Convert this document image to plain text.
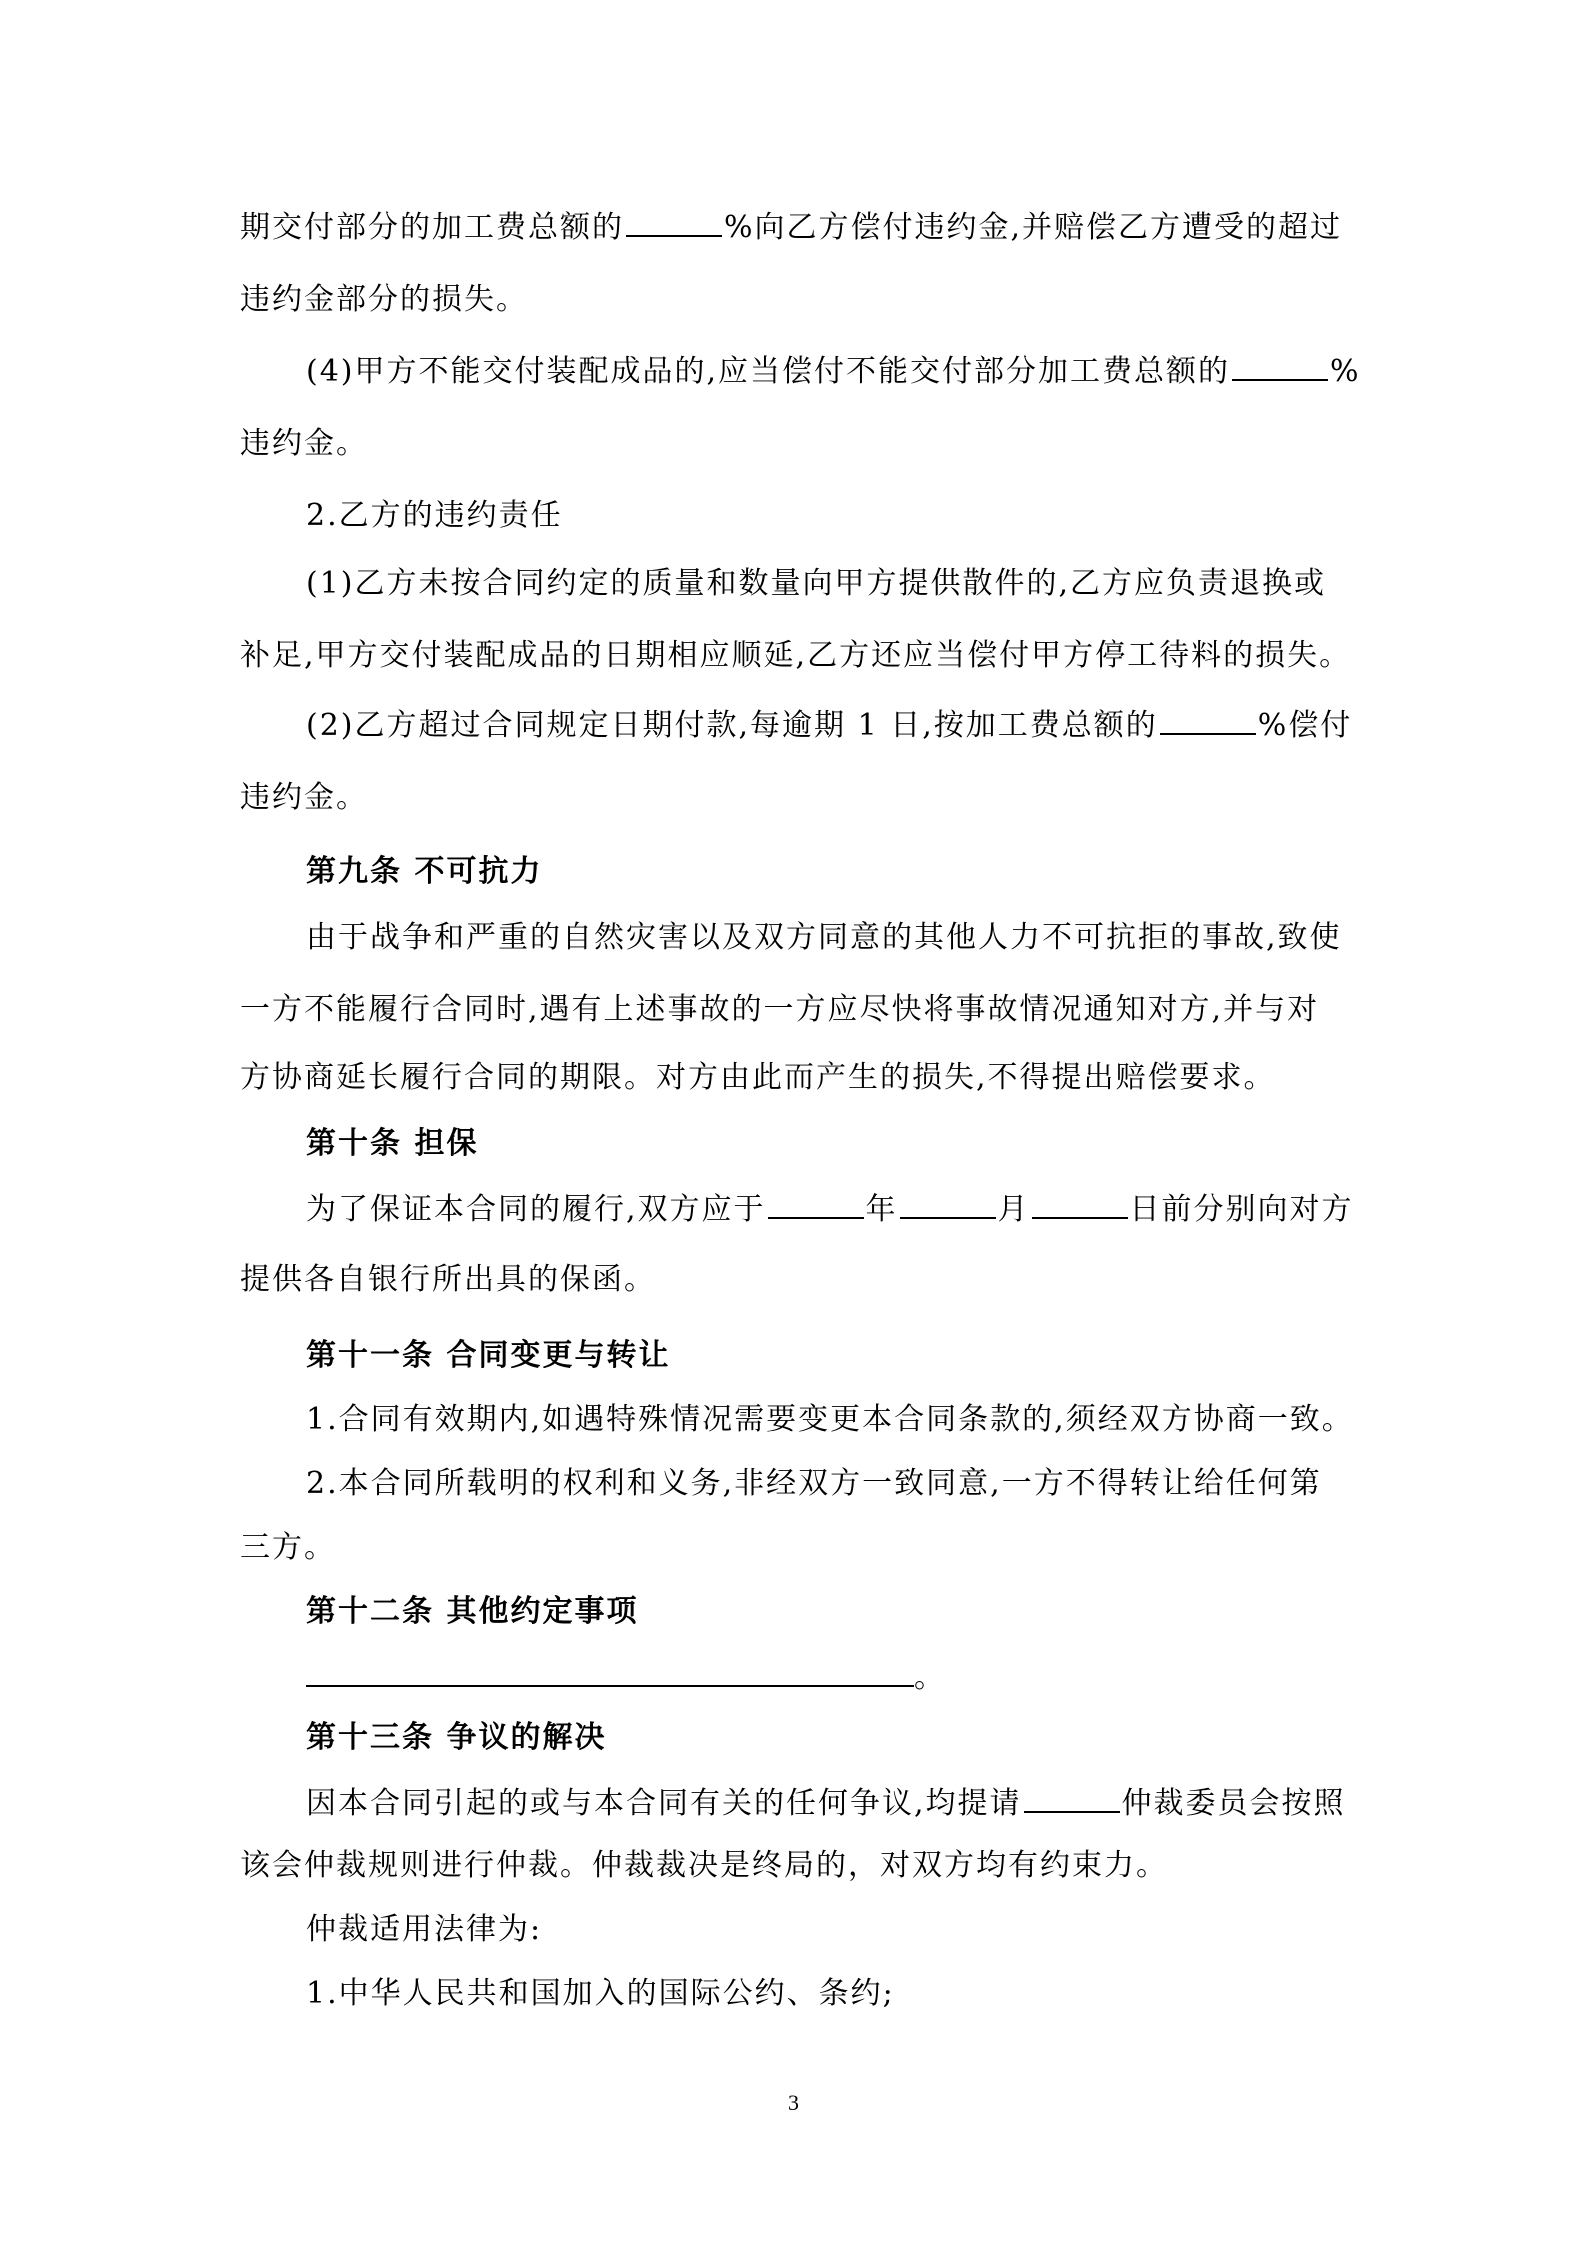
期交付部分的加工费总额的	%向乙方偿付违约金,并赔偿乙方遭受的超过
违约金部分的损失。
(4)甲方不能交付装配成品的,应当偿付不能交付部分加工费总额的	%
违约金。
2.乙方的违约责任
(1)乙方未按合同约定的质量和数量向甲方提供散件的,乙方应负责退换或
补足,甲方交付装配成品的日期相应顺延,乙方还应当偿付甲方停工待料的损失。
(2)乙方超过合同规定日期付款,每逾期 1 日,按加工费总额的	%偿付
违约金。
第九条 不可抗力
由于战争和严重的自然灾害以及双方同意的其他人力不可抗拒的事故,致使
一方不能履行合同时,遇有上述事故的一方应尽快将事故情况通知对方,并与对
方协商延长履行合同的期限。对方由此而产生的损失,不得提出赔偿要求。
第十条 担保
为了保证本合同的履行,双方应于	年	月	日前分别向对方
提供各自银行所出具的保函。
第十一条 合同变更与转让
1.合同有效期内,如遇特殊情况需要变更本合同条款的,须经双方协商一致。
2.本合同所载明的权利和义务,非经双方一致同意,一方不得转让给任何第
三方。
第十二条 其他约定事项
。
第十三条 争议的解决
因本合同引起的或与本合同有关的任何争议,均提请	仲裁委员会按照
该会仲裁规则进行仲裁。仲裁裁决是终局的，对双方均有约束力。
仲裁适用法律为:
1.中华人民共和国加入的国际公约、条约;
3
